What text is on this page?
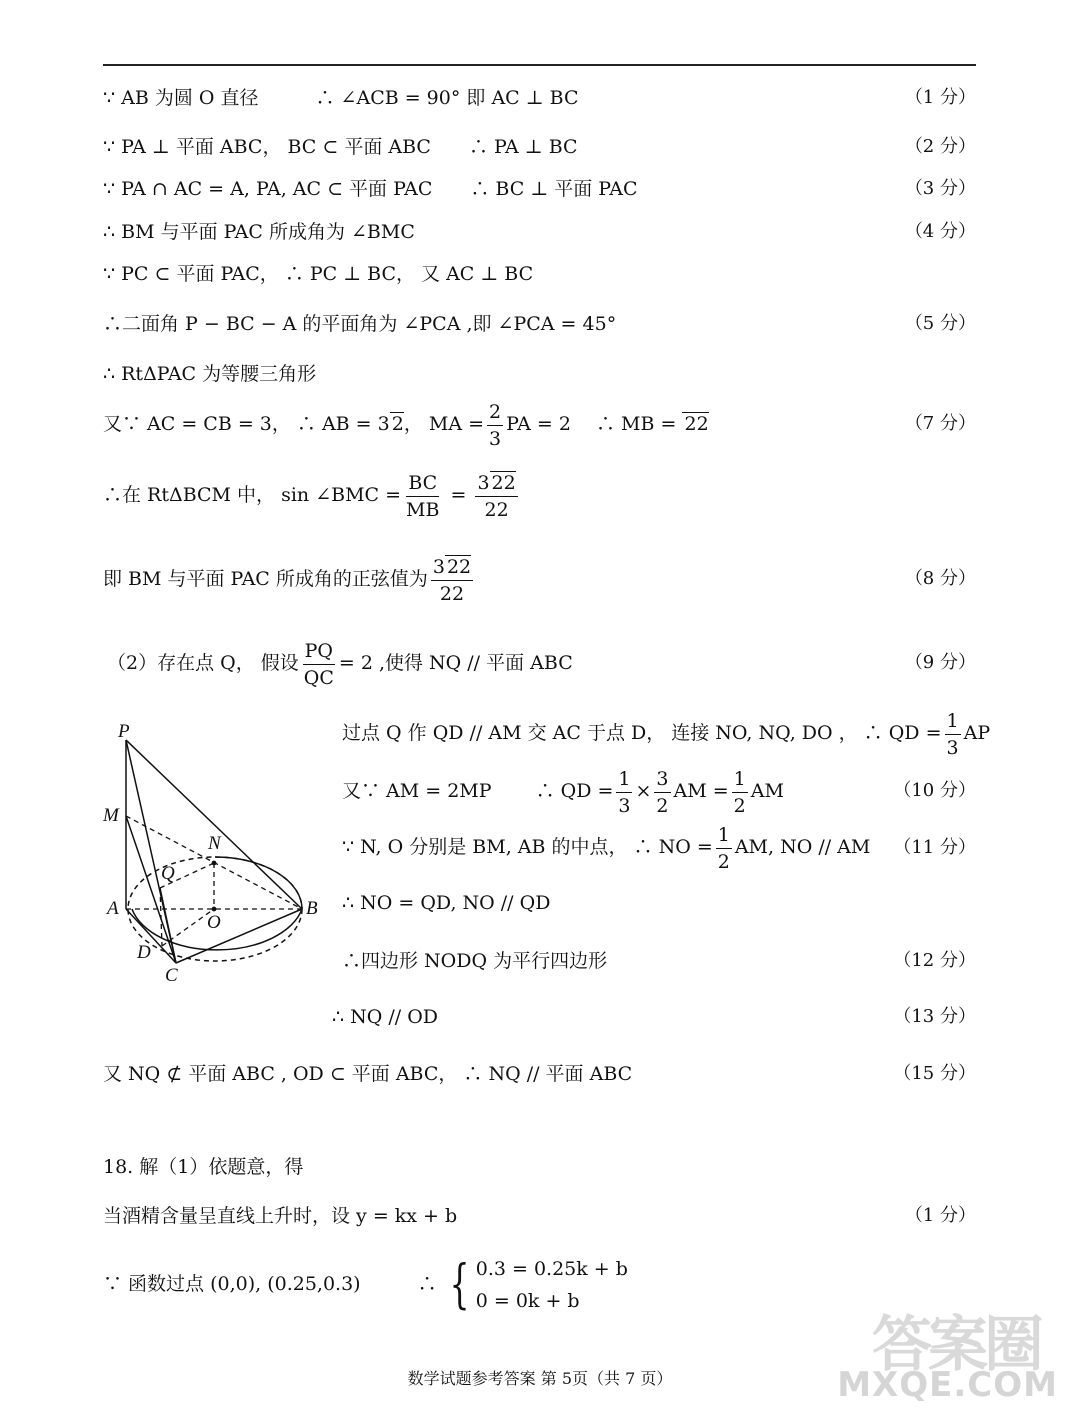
∵ AB 为圆 O 直径　　　∴ ∠ACB = 90° 即 AC ⊥ BC	（1 分）
∵ PA ⊥ 平面 ABC， BC ⊂ 平面 ABC　　∴ PA ⊥ BC	（2 分）
∵ PA ∩ AC = A, PA, AC ⊂ 平面 PAC　　∴ BC ⊥ 平面 PAC	（3 分）
∴ BM 与平面 PAC 所成角为 ∠BMC	（4 分）
∵ PC ⊂ 平面 PAC， ∴ PC ⊥ BC， 又 AC ⊥ BC
∴二面角 P − BC − A 的平面角为 ∠PCA ,即 ∠PCA = 45°	（5 分）
∴ RtΔPAC 为等腰三角形
又∵ AC = CB = 3， ∴ AB = 3 2， MA = $\frac{2}{3}$ PA = 2　 ∴ MB = 22	（7 分）
∴在 RtΔBCM 中， sin ∠BMC = $\frac{BC}{MB} = \frac{3 22}{22}$
即 BM 与平面 PAC 所成角的正弦值为 $\frac{3 22}{22}$	（8 分）
（2）存在点 Q， 假设 $\frac{PQ}{QC} = 2$ ,使得 NQ // 平面 ABC	（9 分）
P
M
N
Q
A
O
B
D
C
过点 Q 作 QD // AM 交 AC 于点 D， 连接 NO, NQ, DO ， ∴ QD = $\frac{1}{3}$ AP
又∵ AM = 2MP　　 ∴ QD = $\frac{1}{3} \times \frac{3}{2}$ AM = $\frac{1}{2}$ AM	（10 分）
∵ N, O 分别是 BM, AB 的中点， ∴ NO = $\frac{1}{2}$ AM, NO // AM （11 分）
∴ NO = QD, NO // QD
∴四边形 NODQ 为平行四边形	（12 分）
∴ NQ // OD	（13 分）
又 NQ ⊄ 平面 ABC , OD ⊂ 平面 ABC， ∴ NQ // 平面 ABC	（15 分）
18. 解（1）依题意，得
当酒精含量呈直线上升时，设 y = kx + b	（1 分）
∵ 函数过点 (0,0), (0.25,0.3)　　　∴ { 0.3 = 0.25k + b
0 = 0k + b
数学试题参考答案 第 5页（共 7 页）	答案圈
MXQE.COM
